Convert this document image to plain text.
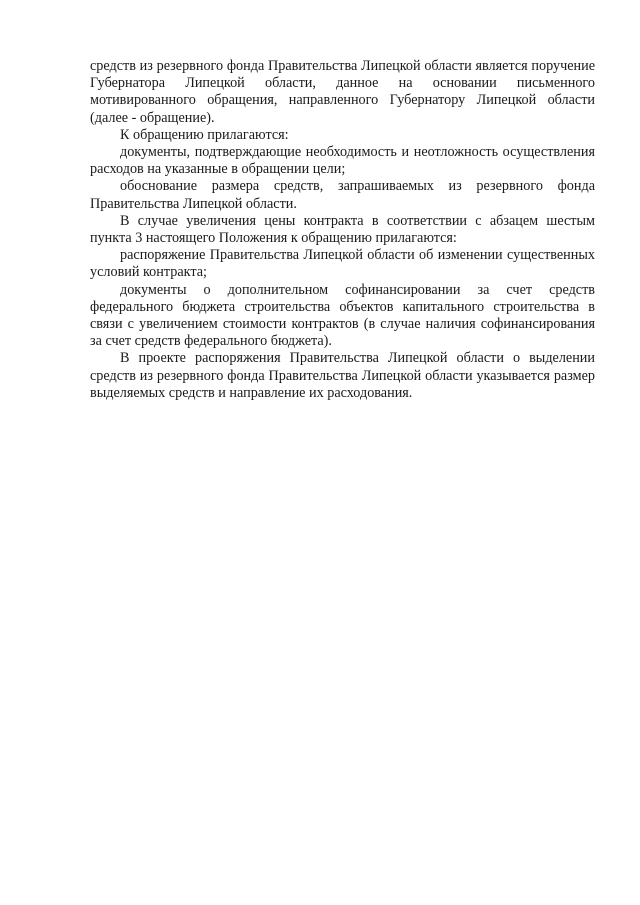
средств из резервного фонда Правительства Липецкой области является поручение Губернатора Липецкой области, данное на основании письменного мотивированного обращения, направленного Губернатору Липецкой области (далее - обращение).

К обращению прилагаются:

документы, подтверждающие необходимость и неотложность осуществления расходов на указанные в обращении цели;

обоснование размера средств, запрашиваемых из резервного фонда Правительства Липецкой области.

В случае увеличения цены контракта в соответствии с абзацем шестым пункта 3 настоящего Положения к обращению прилагаются:

распоряжение Правительства Липецкой области об изменении существенных условий контракта;

документы о дополнительном софинансировании за счет средств федерального бюджета строительства объектов капитального строительства в связи с увеличением стоимости контрактов (в случае наличия софинансирования за счет средств федерального бюджета).

В проекте распоряжения Правительства Липецкой области о выделении средств из резервного фонда Правительства Липецкой области указывается размер выделяемых средств и направление их расходования.
